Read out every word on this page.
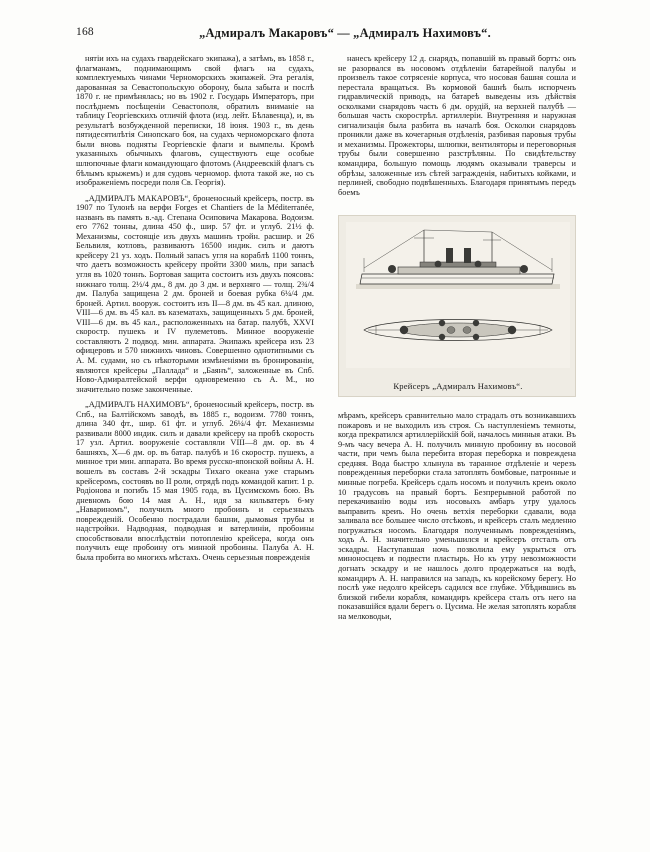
168	„Адмиралъ Макаровъ“ — „Адмиралъ Нахимовъ“.

нятіи ихъ на судахъ гвардейскаго экипажа), а затѣмъ, въ 1858 г., флагманамъ, поднимающимъ свой флагъ на судахъ, комплектуемыхъ чинами Черноморскихъ экипажей. Эта регалія, дарованная за Севастопольскую оборону, была забыта и послѣ 1870 г. не примѣнялась; но въ 1902 г. Государь Императоръ, при послѣднемъ посѣщеніи Севастополя, обратилъ вниманіе на таблицу Георгіевскихъ отличій флота (изд. лейт. Бѣлавенца), и, въ результатѣ возбужденной переписки, 18 іюня. 1903 г., въ день пятидесятилѣтія Синопскаго боя, на судахъ черноморскаго флота были вновь подняты Георгіевскіе флаги и вымпелы. Кромѣ указанныхъ обычныхъ флаговъ, существуютъ еще особые шлюпочные флаги командующаго флотомъ (Андреевскій флагъ съ бѣлымъ крыжемъ) и для судовъ черномор. флота такой же, но съ изображеніемъ посреди поля Св. Георгія).

„АДМИРАЛЪ МАКАРОВЪ“, броненосный крейсеръ, постр. въ 1907 по Тулонѣ на верфи Forges et Chantiers de la Méditerranée, названъ въ память в.-ад. Степана Осиповича Макарова. Водоизм. его 7762 тонны, длина 450 ф., шир. 57 фт. и углуб. 21½ ф. Механизмы, состоящіе изъ двухъ машинъ тройн. расшир. и 26 Бельвиля, котловъ, развиваютъ 16500 индик. силъ и даютъ крейсеру 21 уз. ходъ. Полный запасъ угля на кораблѣ 1100 тоннъ, что даетъ возможность крейсеру пройти 3300 миль, при запасѣ угля въ 1020 тоннъ. Бортовая защита состоитъ изъ двухъ поясовъ: нижнаго толщ. 2½/4 дм., 8 дм. до 3 дм. и верхняго — толщ. 2¾/4 дм. Палуба защищена 2 дм. броней и боевая рубка 6¼/4 дм. броней. Артил. вооруж. состоитъ изъ II—8 дм. въ 45 кал. длиною, VIII—6 дм. въ 45 кал. въ казематахъ, защищенныхъ 5 дм. броней, VIII—6 дм. въ 45 кал., расположенныхъ на батар. палубѣ, XXVI скоростр. пушекъ и IV пулеметовъ. Минное вооруженіе составляютъ 2 подвод. мин. аппарата. Экипажъ крейсера изъ 23 офицеровъ и 570 нижнихъ чиновъ. Совершенно однотипными съ А. М. судами, но съ нѣкоторыми измѣненіями въ бронированіи, являются крейсеры „Паллада“ и „Баянъ“, заложенные въ Спб. Ново-Адмиралтейской верфи одновременно съ А. М., но значительно позже законченные.

„АДМИРАЛЪ НАХИМОВЪ“, броненосный крейсеръ, постр. въ Спб., на Балтійскомъ заводѣ, въ 1885 г., водоизм. 7780 тоннъ, длина 340 фт., шир. 61 фт. и углуб. 26¼/4 фт. Механизмы развивали 8000 индик. силъ и давали крейсеру на пробѣ скорость 17 узл. Артил. вооруженіе составляли VIII—8 дм. ор. въ 4 башняхъ, X—6 дм. ор. въ батар. палубѣ и 16 скоростр. пушекъ, а минное три мин. аппарата. Во время русско-японской войны А. Н. вошелъ въ составъ 2-й эскадры Тихаго океана уже старымъ крейсеромъ, состоявъ во II роли, отрядѣ подъ командой капит. 1 р. Родіонова и погибъ 15 мая 1905 года, въ Цусимскомъ бою. Въ дневномъ бою 14 мая А. Н., идя за кильватеръ 6-му „Навариномъ“, получилъ много пробоинъ и серьезныхъ поврежденій. Особенно пострадали башни, дымовыя трубы и надстройки. Надводная, подводная и ватерлиніи, пробоины способствовали впослѣдствіи потопленію крейсера, когда онъ получилъ еще пробоину отъ минной пробоины. Палуба А. Н. была пробита во многихъ мѣстахъ. Очень серьезныя поврежденія

нанесъ крейсеру 12 д. снарядъ, попавшій въ правый бортъ: онъ не разорвался въ носовомъ отдѣленіи батарейной палубы и произвелъ такое сотрясеніе корпуса, что носовая башня сошла и перестала вращаться. Въ кормовой башнѣ былъ испорченъ гидравлическій приводъ, на батареѣ выведены изъ дѣйствія осколками снарядовъ часть 6 дм. орудій, на верхней палубѣ — большая часть скорострѣл. артиллеріи. Внутренняя и наружная сигнализація была разбита въ началѣ боя. Осколки снарядовъ проникли даже въ кочегарныя отдѣленія, разбивая паровыя трубы и механизмы. Прожекторы, шлюпки, вентиляторы и переговорныя трубы были совершенно разстрѣляны. По свидѣтельству командира, большую помощь людямъ оказывали траверсы и обрѣзы, заложенные изъ сѣтей загражденія, набитыхъ койками, и перлиней, свободно подвѣшенныхъ. Благодаря принятымъ передъ боемъ

мѣрамъ, крейсеръ сравнительно мало страдалъ отъ возникавшихъ пожаровъ и не выходилъ изъ строя. Съ наступленіемъ темноты, когда прекратился артиллерійскій бой, началось минныя атаки. Въ 9-мъ часу вечера А. Н. получилъ минную пробоину въ носовой части, при чемъ была перебита вторая переборка и повреждена средняя. Вода быстро хлынула въ таранное отдѣленіе и черезъ поврежденныя переборки стала затоплять бомбовые, патронные и минные погреба. Крейсеръ сдалъ носомъ и получилъ креиъ около 10 градусовъ на правый бортъ. Безпрерывной работой по перекачиванію воды изъ носовыхъ амбаръ утру удалось выправить креиъ. Но очень ветхія переборки сдавали, вода заливала все большее число отсѣковъ, и крейсеръ сталъ медленно погружаться носомъ. Благодаря полученнымъ поврежденіямъ, ходъ А. Н. значительно уменьшился и крейсеръ отсталъ отъ эскадры. Наступавшая ночь позволила ему укрыться отъ миноносцевъ и подвести пластырь. Но къ утру невозможности догнать эскадру и не нашлось долго продержаться на водѣ, командиръ А. Н. направился на западъ, къ корейскому берегу. Но послѣ уже недолго крейсеръ садился все глубже. Убѣдившись въ близкой гибели корабля, командиръ крейсера сталъ отъ него на показавшійся вдали берегъ о. Цусима. Не желая затоплять корабля на мелководьи,

Крейсеръ „Адмиралъ Нахимовъ“.
